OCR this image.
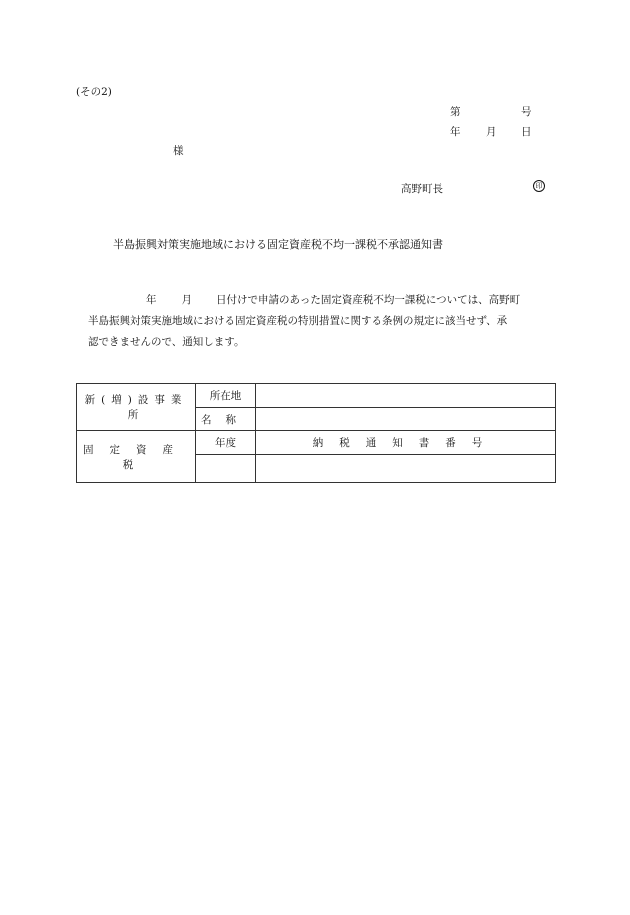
(その2)
第	号
年 月 日
様
高野町長	印
半島振興対策実施地域における固定資産税不均一課税不承認通知書
年 月 日付けで申請のあった固定資産税不均一課税については、高野町
半島振興対策実施地域における固定資産税の特別措置に関する条例の規定に該当せず、承
認できませんので、通知します。
新(増)設事業所	所在地	
	名称	
固定資産税	年度	納税通知書番号
